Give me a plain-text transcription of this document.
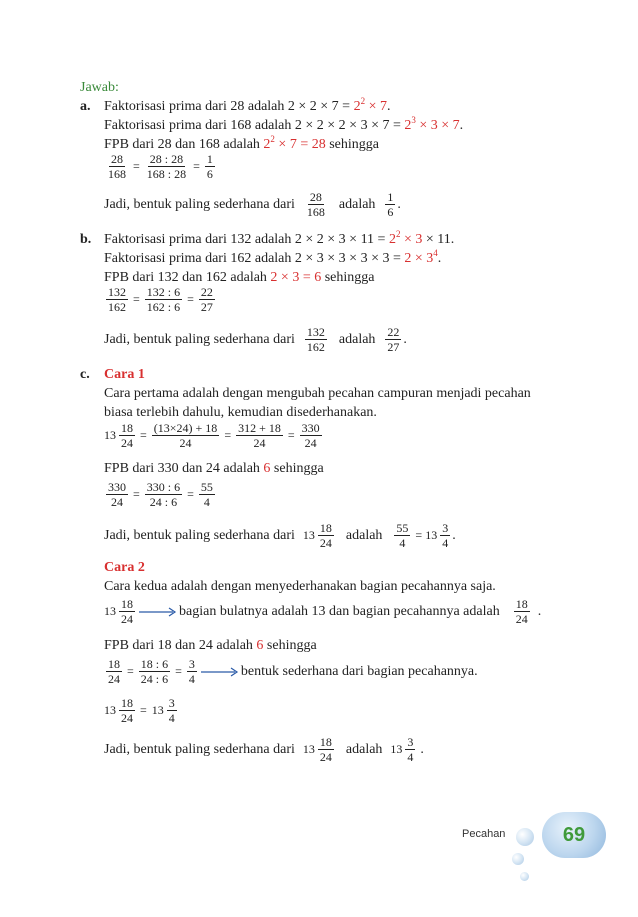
Jawab:
a. Faktorisasi prima dari 28 adalah $2 \times 2 \times 7 = 2^2 \times 7$.
Faktorisasi prima dari 168 adalah $2 \times 2 \times 2 \times 3 \times 7 = 2^3 \times 3 \times 7$.
FPB dari 28 dan 168 adalah $2^2 \times 7 = 28$ sehingga
$\frac{28}{168} = \frac{28 : 28}{168 : 28} = \frac{1}{6}$
Jadi, bentuk paling sederhana dari 28
168
adalah 1
6
.
b. Faktorisasi prima dari 132 adalah $2 \times 2 \times 3 \times 11 = 2^2 \times 3 \times 11$.
Faktorisasi prima dari 162 adalah $2 \times 3 \times 3 \times 3 \times 3 = 2 \times 3^4$.
FPB dari 132 dan 162 adalah 2 × 3 = 6 sehingga
$\frac{132}{162} = \frac{132 : 6}{162 : 6} = \frac{22}{27}$
Jadi, bentuk paling sederhana dari 132
162
adalah 22
27
.
c. Cara 1
Cara pertama adalah dengan mengubah pecahan campuran menjadi pecahan
biasa terlebih dahulu, kemudian disederhanakan.
13 18
24
= $\frac{(13\times 24) + 18}{24} = \frac{312 + 18}{24} = \frac{330}{24}$
FPB dari 330 dan 24 adalah 6 sehingga
$\frac{330}{24} = \frac{330 : 6}{24 : 6} = \frac{55}{4}$
Jadi, bentuk paling sederhana dari 13 18
24
adalah $\frac{55}{4} = 13$ 3
4
.
Cara 2
Cara kedua adalah dengan menyederhanakan bagian pecahannya saja.
13 18
24
bagian bulatnya adalah 13 dan bagian pecahannya adalah 18
24
.
FPB dari 18 dan 24 adalah 6 sehingga
$\frac{18}{24} = \frac{18 : 6}{24 : 6} = \frac{3}{4}$	bentuk sederhana dari bagian pecahannya.
13 18
24
= 13 3
4
Jadi, bentuk paling sederhana dari 13 18
24
adalah 13 3
4
.
Pecahan	69
